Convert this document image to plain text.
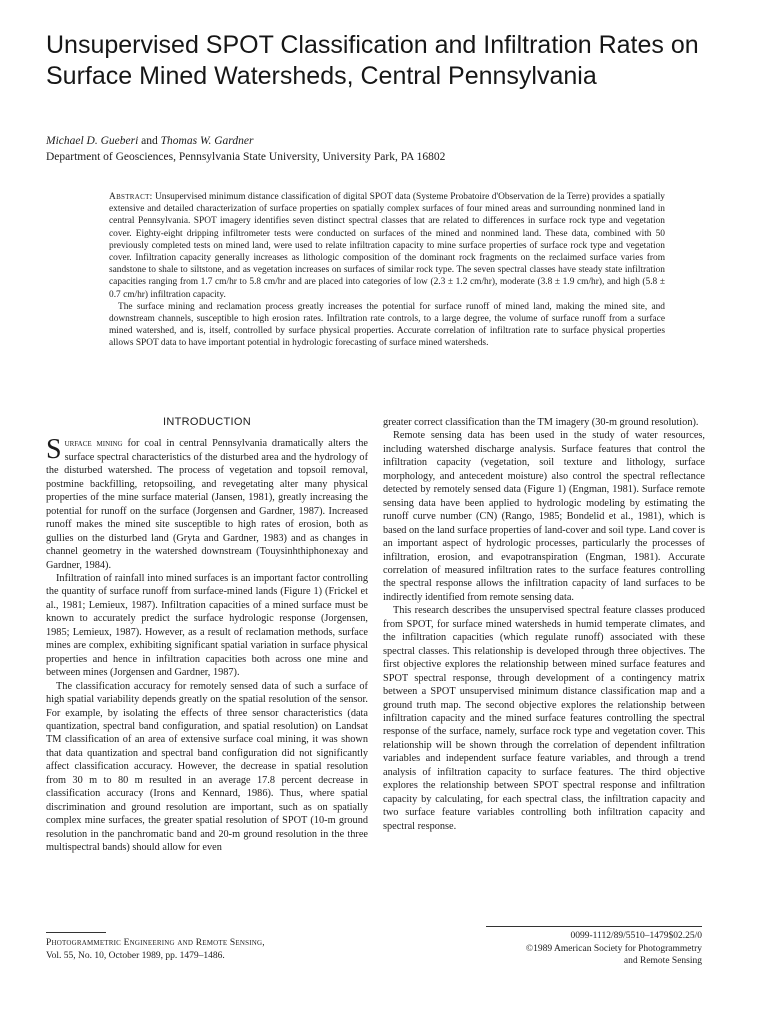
Unsupervised SPOT Classification and Infiltration Rates on Surface Mined Watersheds, Central Pennsylvania
Michael D. Gueberi and Thomas W. Gardner
Department of Geosciences, Pennsylvania State University, University Park, PA 16802

Abstract: Unsupervised minimum distance classification of digital SPOT data (Systeme Probatoire d'Observation de la Terre) provides a spatially extensive and detailed characterization of surface properties on spatially complex surfaces of four mined areas and surrounding nonmined land in central Pennsylvania. SPOT imagery identifies seven distinct spectral classes that are related to differences in surface rock type and vegetation cover. Eighty-eight dripping infiltrometer tests were conducted on surfaces of the mined and nonmined land. These data, combined with 50 previously completed tests on mined land, were used to relate infiltration capacity to mine surface properties of surface rock type and vegetation cover. Infiltration capacity generally increases as lithologic composition of the dominant rock fragments on the reclaimed surface varies from sandstone to shale to siltstone, and as vegetation increases on surfaces of similar rock type. The seven spectral classes have steady state infiltration capacities ranging from 1.7 cm/hr to 5.8 cm/hr and are placed into categories of low (2.3 ± 1.2 cm/hr), moderate (3.8 ± 1.9 cm/hr), and high (5.8 ± 0.7 cm/hr) infiltration capacity.

The surface mining and reclamation process greatly increases the potential for surface runoff of mined land, making the mined site, and downstream channels, susceptible to high erosion rates. Infiltration rate controls, to a large degree, the volume of surface runoff from a surface mined watershed, and is, itself, controlled by surface physical properties. Accurate correlation of infiltration rate to surface physical properties allows SPOT data to have important potential in hydrologic forecasting of surface mined watersheds.

INTRODUCTION

Surface mining for coal in central Pennsylvania dramatically alters the surface spectral characteristics of the disturbed area and the hydrology of the disturbed watershed. The process of vegetation and topsoil removal, postmine backfilling, retopsoiling, and revegetating alter many physical properties of the mine surface material (Jansen, 1981), greatly increasing the potential for runoff on the surface (Jorgensen and Gardner, 1987). Increased runoff makes the mined site susceptible to high rates of erosion, both as gullies on the disturbed land (Gryta and Gardner, 1983) and as changes in channel geometry in the watershed downstream (Touysinhthiphonexay and Gardner, 1984).

Infiltration of rainfall into mined surfaces is an important factor controlling the quantity of surface runoff from surface-mined lands (Figure 1) (Frickel et al., 1981; Lemieux, 1987). Infiltration capacities of a mined surface must be known to accurately predict the surface hydrologic response (Jorgensen, 1985; Lemieux, 1987). However, as a result of reclamation methods, surface mines are complex, exhibiting significant spatial variation in surface physical properties and hence in infiltration capacities both across one mine and between mines (Jorgensen and Gardner, 1987).

The classification accuracy for remotely sensed data of such a surface of high spatial variability depends greatly on the spatial resolution of the sensor. For example, by isolating the effects of three sensor characteristics (data quantization, spectral band configuration, and spatial resolution) on Landsat TM classification of an area of extensive surface coal mining, it was shown that data quantization and spectral band configuration did not significantly affect classification accuracy. However, the decrease in spatial resolution from 30 m to 80 m resulted in an average 17.8 percent decrease in classification accuracy (Irons and Kennard, 1986). Thus, where spatial discrimination and ground resolution are important, such as on spatially complex mine surfaces, the greater spatial resolution of SPOT (10-m ground resolution in the panchromatic band and 20-m ground resolution in the three multispectral bands) should allow for even

greater correct classification than the TM imagery (30-m ground resolution).

Remote sensing data has been used in the study of water resources, including watershed discharge analysis. Surface features that control the infiltration capacity (vegetation, soil texture and lithology, surface morphology, and antecedent moisture) also control the spectral reflectance detected by remotely sensed data (Figure 1) (Engman, 1981). Surface remote sensing data have been applied to hydrologic modeling by estimating the runoff curve number (CN) (Rango, 1985; Bondelid et al., 1981), which is based on the land surface properties of land-cover and soil type. Land cover is an important aspect of hydrologic processes, particularly the processes of infiltration, erosion, and evapotranspiration (Engman, 1981). Accurate correlation of measured infiltration rates to the surface features controlling the spectral response allows the infiltration capacity of land surfaces to be indirectly identified from remote sensing data.

This research describes the unsupervised spectral feature classes produced from SPOT, for surface mined watersheds in humid temperate climates, and the infiltration capacities (which regulate runoff) associated with these spectral classes. This relationship is developed through three objectives. The first objective explores the relationship between mined surface features and SPOT spectral response, through development of a contingency matrix between a SPOT unsupervised minimum distance classification map and a ground truth map. The second objective explores the relationship between infiltration capacity and the mined surface features controlling the spectral response of the surface, namely, surface rock type and vegetation cover. This relationship will be shown through the correlation of dependent infiltration variables and independent surface feature variables, and through a trend analysis of infiltration capacity to surface features. The third objective explores the relationship between SPOT spectral response and infiltration capacity by calculating, for each spectral class, the infiltration capacity and two surface feature variables controlling both infiltration capacity and spectral response.

Photogrammetric Engineering and Remote Sensing,
Vol. 55, No. 10, October 1989, pp. 1479–1486.
0099-1112/89/5510–1479$02.25/0
©1989 American Society for Photogrammetry
and Remote Sensing
